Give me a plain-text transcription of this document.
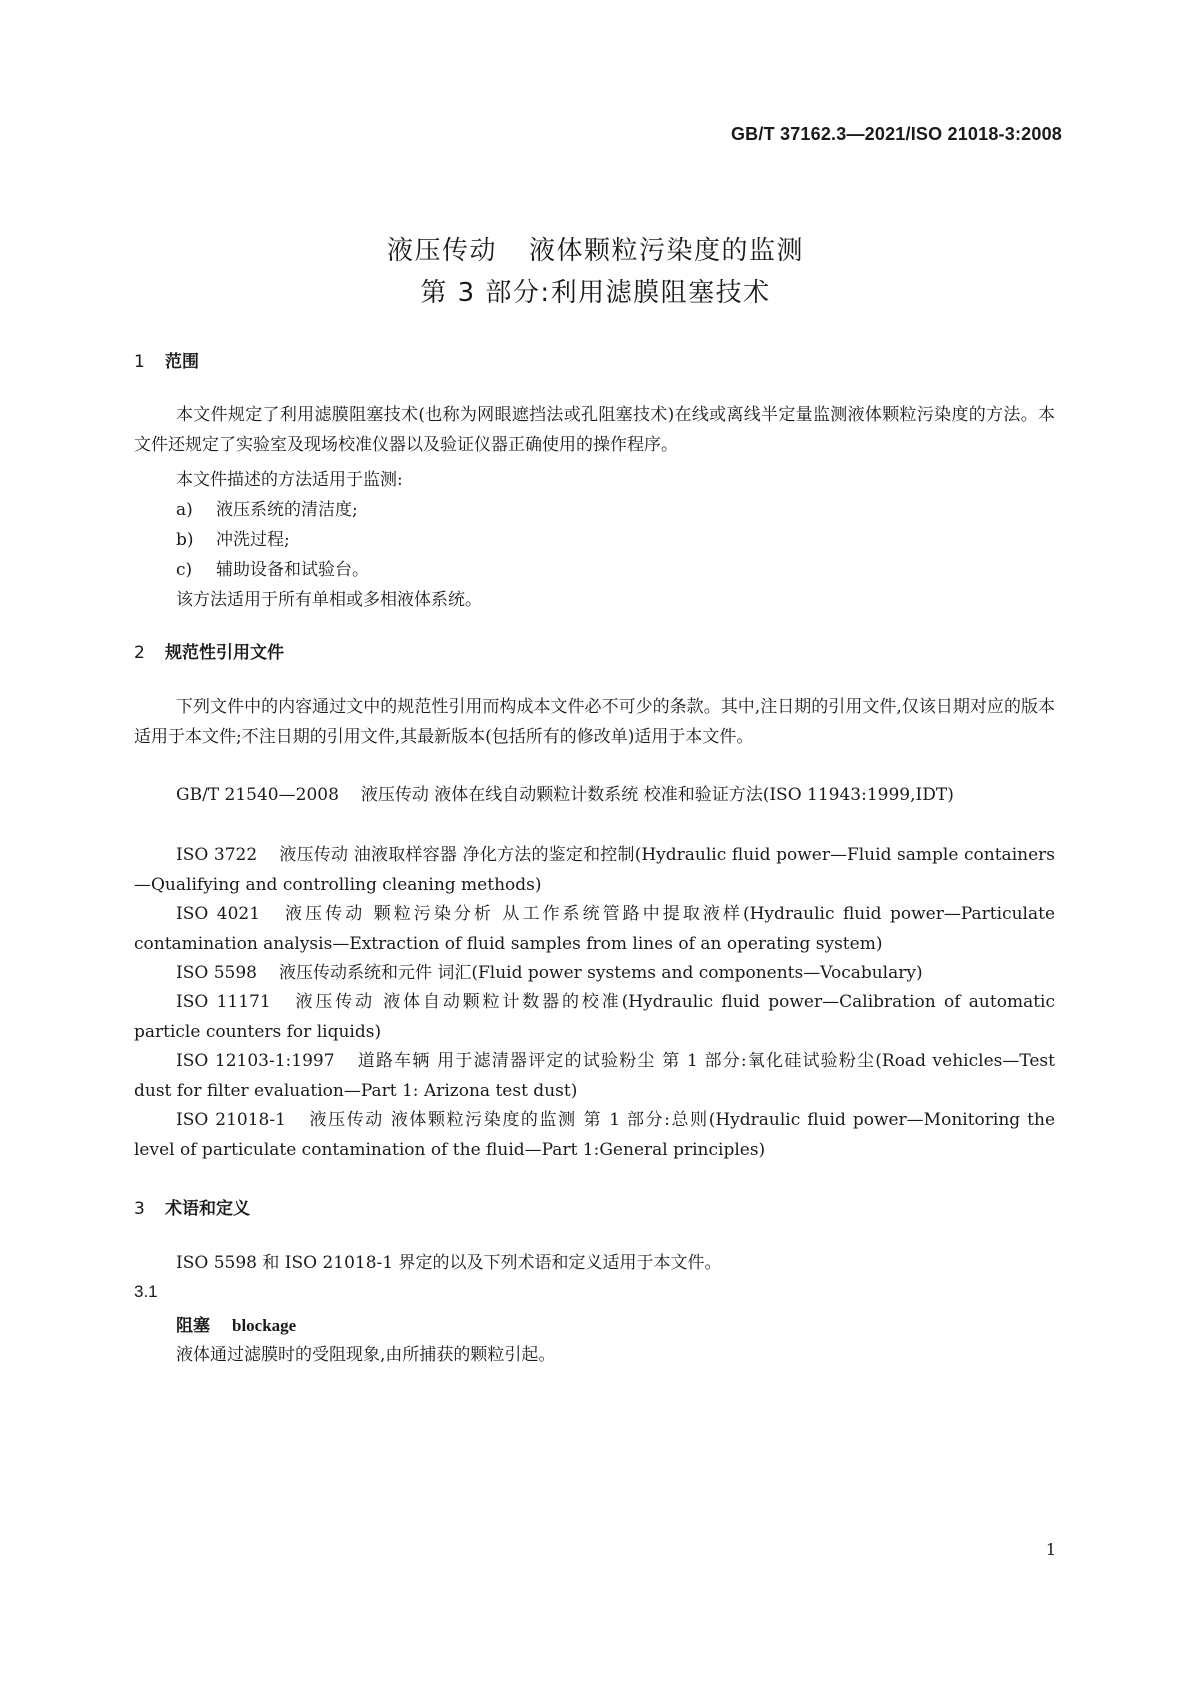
GB/T 37162.3—2021/ISO 21018-3:2008
液压传动 液体颗粒污染度的监测
第 3 部分:利用滤膜阻塞技术
1 范围
本文件规定了利用滤膜阻塞技术(也称为网眼遮挡法或孔阻塞技术)在线或离线半定量监测液体颗粒污染度的方法。本文件还规定了实验室及现场校准仪器以及验证仪器正确使用的操作程序。
本文件描述的方法适用于监测:
a) 液压系统的清洁度;
b) 冲洗过程;
c) 辅助设备和试验台。
该方法适用于所有单相或多相液体系统。
2 规范性引用文件
下列文件中的内容通过文中的规范性引用而构成本文件必不可少的条款。其中,注日期的引用文件,仅该日期对应的版本适用于本文件;不注日期的引用文件,其最新版本(包括所有的修改单)适用于本文件。
GB/T 21540—2008 液压传动 液体在线自动颗粒计数系统 校准和验证方法(ISO 11943:1999,IDT)
ISO 3722 液压传动 油液取样容器 净化方法的鉴定和控制(Hydraulic fluid power—Fluid sample containers—Qualifying and controlling cleaning methods)
ISO 4021 液压传动 颗粒污染分析 从工作系统管路中提取液样(Hydraulic fluid power—Particulate contamination analysis—Extraction of fluid samples from lines of an operating system)
ISO 5598 液压传动系统和元件 词汇(Fluid power systems and components—Vocabulary)
ISO 11171 液压传动 液体自动颗粒计数器的校准(Hydraulic fluid power—Calibration of automatic particle counters for liquids)
ISO 12103-1:1997 道路车辆 用于滤清器评定的试验粉尘 第 1 部分:氧化硅试验粉尘(Road vehicles—Test dust for filter evaluation—Part 1: Arizona test dust)
ISO 21018-1 液压传动 液体颗粒污染度的监测 第 1 部分:总则(Hydraulic fluid power—Monitoring the level of particulate contamination of the fluid—Part 1:General principles)
3 术语和定义
ISO 5598 和 ISO 21018-1 界定的以及下列术语和定义适用于本文件。
3.1
阻塞 blockage
液体通过滤膜时的受阻现象,由所捕获的颗粒引起。
1
